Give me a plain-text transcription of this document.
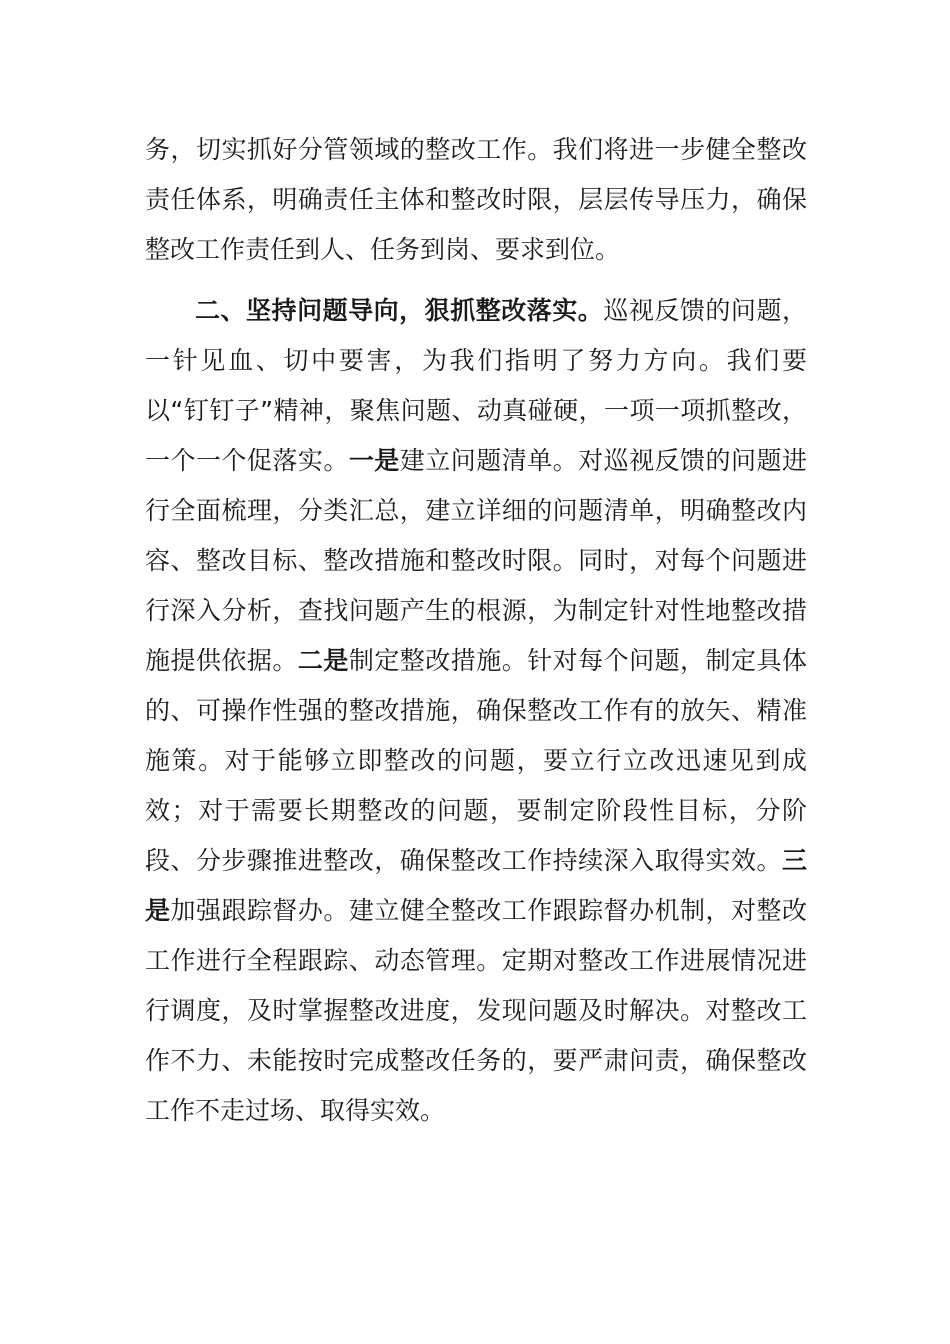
务，切实抓好分管领域的整改工作。我们将进一步健全整改责任体系，明确责任主体和整改时限，层层传导压力，确保整改工作责任到人、任务到岗、要求到位。

二、坚持问题导向，狠抓整改落实。巡视反馈的问题，一针见血、切中要害，为我们指明了努力方向。我们要以“钉钉子”精神，聚焦问题、动真碰硬，一项一项抓整改，一个一个促落实。一是建立问题清单。对巡视反馈的问题进行全面梳理，分类汇总，建立详细的问题清单，明确整改内容、整改目标、整改措施和整改时限。同时，对每个问题进行深入分析，查找问题产生的根源，为制定针对性地整改措施提供依据。二是制定整改措施。针对每个问题，制定具体的、可操作性强的整改措施，确保整改工作有的放矢、精准施策。对于能够立即整改的问题，要立行立改迅速见到成效；对于需要长期整改的问题，要制定阶段性目标，分阶段、分步骤推进整改，确保整改工作持续深入取得实效。三是加强跟踪督办。建立健全整改工作跟踪督办机制，对整改工作进行全程跟踪、动态管理。定期对整改工作进展情况进行调度，及时掌握整改进度，发现问题及时解决。对整改工作不力、未能按时完成整改任务的，要严肃问责，确保整改工作不走过场、取得实效。
